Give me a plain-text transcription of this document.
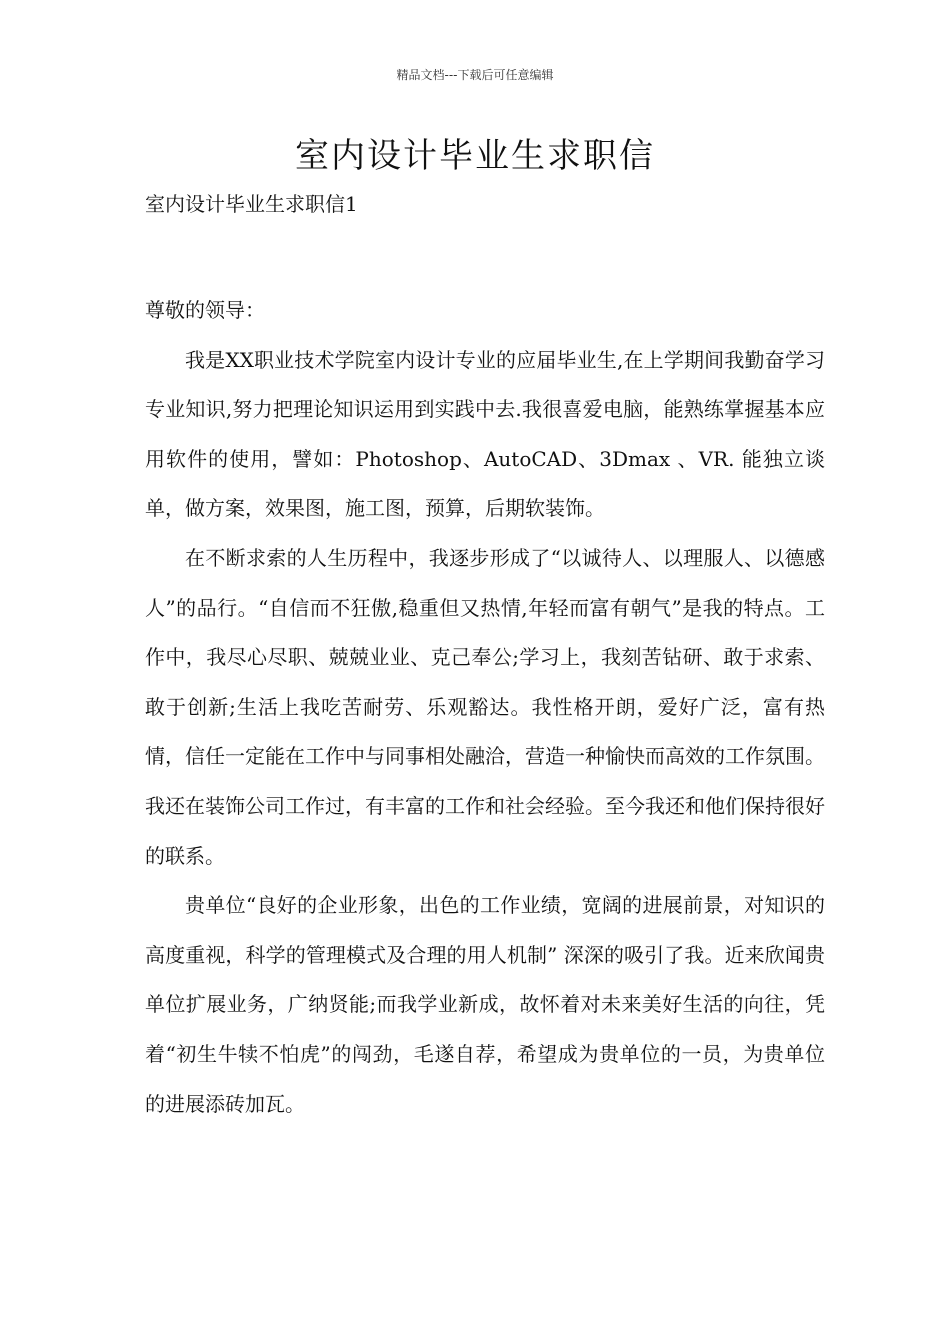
精品文档---下载后可任意编辑
室内设计毕业生求职信
室内设计毕业生求职信1

尊敬的领导：

我是XX职业技术学院室内设计专业的应届毕业生,在上学期间我勤奋学习专业知识,努力把理论知识运用到实践中去.我很喜爱电脑，能熟练掌握基本应用软件的使用，譬如：Photoshop、AutoCAD、3Dmax 、VR. 能独立谈单，做方案，效果图，施工图，预算，后期软装饰。

在不断求索的人生历程中，我逐步形成了“以诚待人、以理服人、以德感人”的品行。“自信而不狂傲,稳重但又热情,年轻而富有朝气”是我的特点。工作中，我尽心尽职、兢兢业业、克己奉公;学习上，我刻苦钻研、敢于求索、敢于创新;生活上我吃苦耐劳、乐观豁达。我性格开朗，爱好广泛，富有热情，信任一定能在工作中与同事相处融洽，营造一种愉快而高效的工作氛围。我还在装饰公司工作过，有丰富的工作和社会经验。至今我还和他们保持很好的联系。

贵单位“良好的企业形象，出色的工作业绩，宽阔的进展前景，对知识的高度重视，科学的管理模式及合理的用人机制” 深深的吸引了我。近来欣闻贵单位扩展业务，广纳贤能;而我学业新成，故怀着对未来美好生活的向往，凭着“初生牛犊不怕虎”的闯劲，毛遂自荐，希望成为贵单位的一员，为贵单位的进展添砖加瓦。
